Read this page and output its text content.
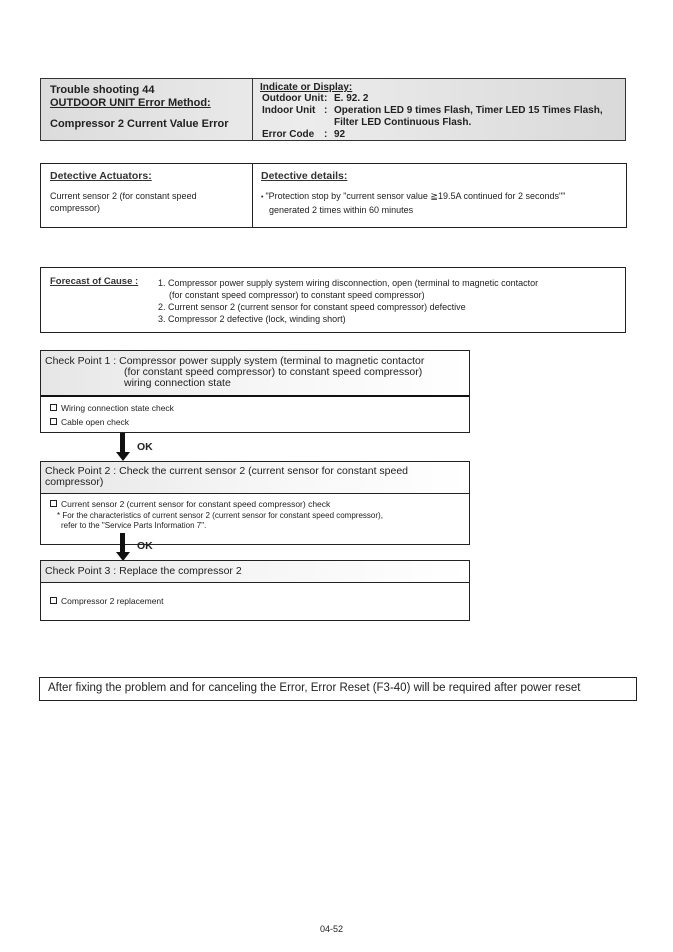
Trouble shooting 44
OUTDOOR UNIT Error Method:
Compressor 2 Current Value Error
Indicate or Display:
Outdoor Unit : E. 92. 2
Indoor Unit : Operation LED 9 times Flash, Timer LED 15 Times Flash,
Filter LED Continuous Flash.
Error Code : 92
Detective Actuators:
Current sensor 2 (for constant speed
compressor)
Detective details:
• "Protection stop by "current sensor value ≧19.5A continued for 2 seconds""
generated 2 times within 60 minutes
Forecast of Cause : 1. Compressor power supply system wiring disconnection, open (terminal to magnetic contactor
(for constant speed compressor) to constant speed compressor)
2. Current sensor 2 (current sensor for constant speed compressor) defective
3. Compressor 2 defective (lock, winding short)
Check Point 1 : Compressor power supply system (terminal to magnetic contactor
(for constant speed compressor) to constant speed compressor)
wiring connection state
Wiring connection state check
Cable open check
OK
Check Point 2 : Check the current sensor 2 (current sensor for constant speed compressor)
Current sensor 2 (current sensor for constant speed compressor) check
* For the characteristics of current sensor 2 (current sensor for constant speed compressor),
refer to the "Service Parts Information 7".
OK
Check Point 3 : Replace the compressor 2
Compressor 2 replacement
After fixing the problem and for canceling the Error, Error Reset (F3-40) will be required after power reset
04-52
